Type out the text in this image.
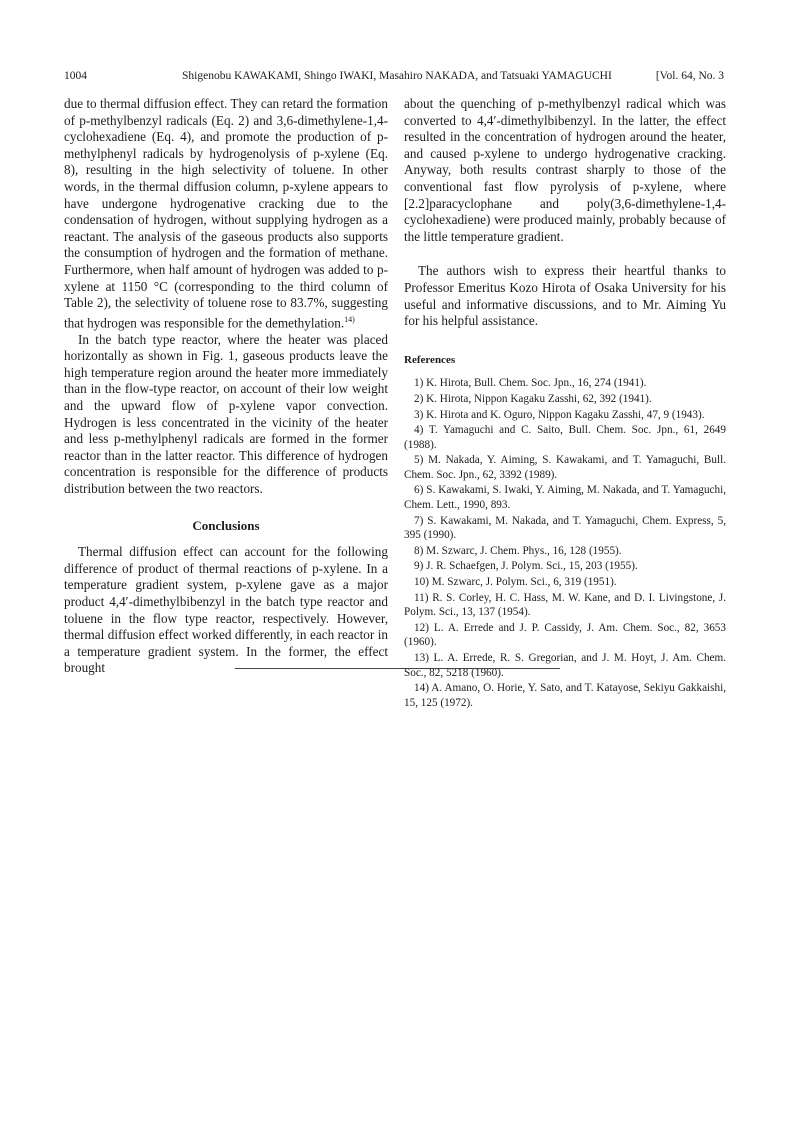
1004	Shigenobu KAWAKAMI, Shingo IWAKI, Masahiro NAKADA, and Tatsuaki YAMAGUCHI	[Vol. 64, No. 3

due to thermal diffusion effect. They can retard the formation of p-methylbenzyl radicals (Eq. 2) and 3,6-dimethylene-1,4-cyclohexadiene (Eq. 4), and promote the production of p-methylphenyl radicals by hydrogenolysis of p-xylene (Eq. 8), resulting in the high selectivity of toluene. In other words, in the thermal diffusion column, p-xylene appears to have undergone hydrogenative cracking due to the condensation of hydrogen, without supplying hydrogen as a reactant. The analysis of the gaseous products also supports the consumption of hydrogen and the formation of methane. Furthermore, when half amount of hydrogen was added to p-xylene at 1150 °C (corresponding to the third column of Table 2), the selectivity of toluene rose to 83.7%, suggesting that hydrogen was responsible for the demethylation.$^{14)}$

In the batch type reactor, where the heater was placed horizontally as shown in Fig. 1, gaseous products leave the high temperature region around the heater more immediately than in the flow-type reactor, on account of their low weight and the upward flow of p-xylene vapor convection. Hydrogen is less concentrated in the vicinity of the heater and less p-methylphenyl radicals are formed in the former reactor than in the latter reactor. This difference of hydrogen concentration is responsible for the difference of products distribution between the two reactors.

Conclusions

Thermal diffusion effect can account for the following difference of product of thermal reactions of p-xylene. In a temperature gradient system, p-xylene gave as a major product 4,4′-dimethylbibenzyl in the batch type reactor and toluene in the flow type reactor, respectively. However, thermal diffusion effect worked differently, in each reactor in a temperature gradient system. In the former, the effect brought

about the quenching of p-methylbenzyl radical which was converted to 4,4′-dimethylbibenzyl. In the latter, the effect resulted in the concentration of hydrogen around the heater, and caused p-xylene to undergo hydrogenative cracking. Anyway, both results contrast sharply to those of the conventional fast flow pyrolysis of p-xylene, where [2.2]paracyclophane and poly(3,6-dimethylene-1,4-cyclohexadiene) were produced mainly, probably because of the little temperature gradient.

The authors wish to express their heartful thanks to Professor Emeritus Kozo Hirota of Osaka University for his useful and informative discussions, and to Mr. Aiming Yu for his helpful assistance.

References
1) K. Hirota, Bull. Chem. Soc. Jpn., 16, 274 (1941).
2) K. Hirota, Nippon Kagaku Zasshi, 62, 392 (1941).
3) K. Hirota and K. Oguro, Nippon Kagaku Zasshi, 47, 9 (1943).
4) T. Yamaguchi and C. Saito, Bull. Chem. Soc. Jpn., 61, 2649 (1988).
5) M. Nakada, Y. Aiming, S. Kawakami, and T. Yamaguchi, Bull. Chem. Soc. Jpn., 62, 3392 (1989).
6) S. Kawakami, S. Iwaki, Y. Aiming, M. Nakada, and T. Yamaguchi, Chem. Lett., 1990, 893.
7) S. Kawakami, M. Nakada, and T. Yamaguchi, Chem. Express, 5, 395 (1990).
8) M. Szwarc, J. Chem. Phys., 16, 128 (1955).
9) J. R. Schaefgen, J. Polym. Sci., 15, 203 (1955).
10) M. Szwarc, J. Polym. Sci., 6, 319 (1951).
11) R. S. Corley, H. C. Hass, M. W. Kane, and D. I. Livingstone, J. Polym. Sci., 13, 137 (1954).
12) L. A. Errede and J. P. Cassidy, J. Am. Chem. Soc., 82, 3653 (1960).
13) L. A. Errede, R. S. Gregorian, and J. M. Hoyt, J. Am. Chem. Soc., 82, 5218 (1960).
14) A. Amano, O. Horie, Y. Sato, and T. Katayose, Sekiyu Gakkaishi, 15, 125 (1972).
